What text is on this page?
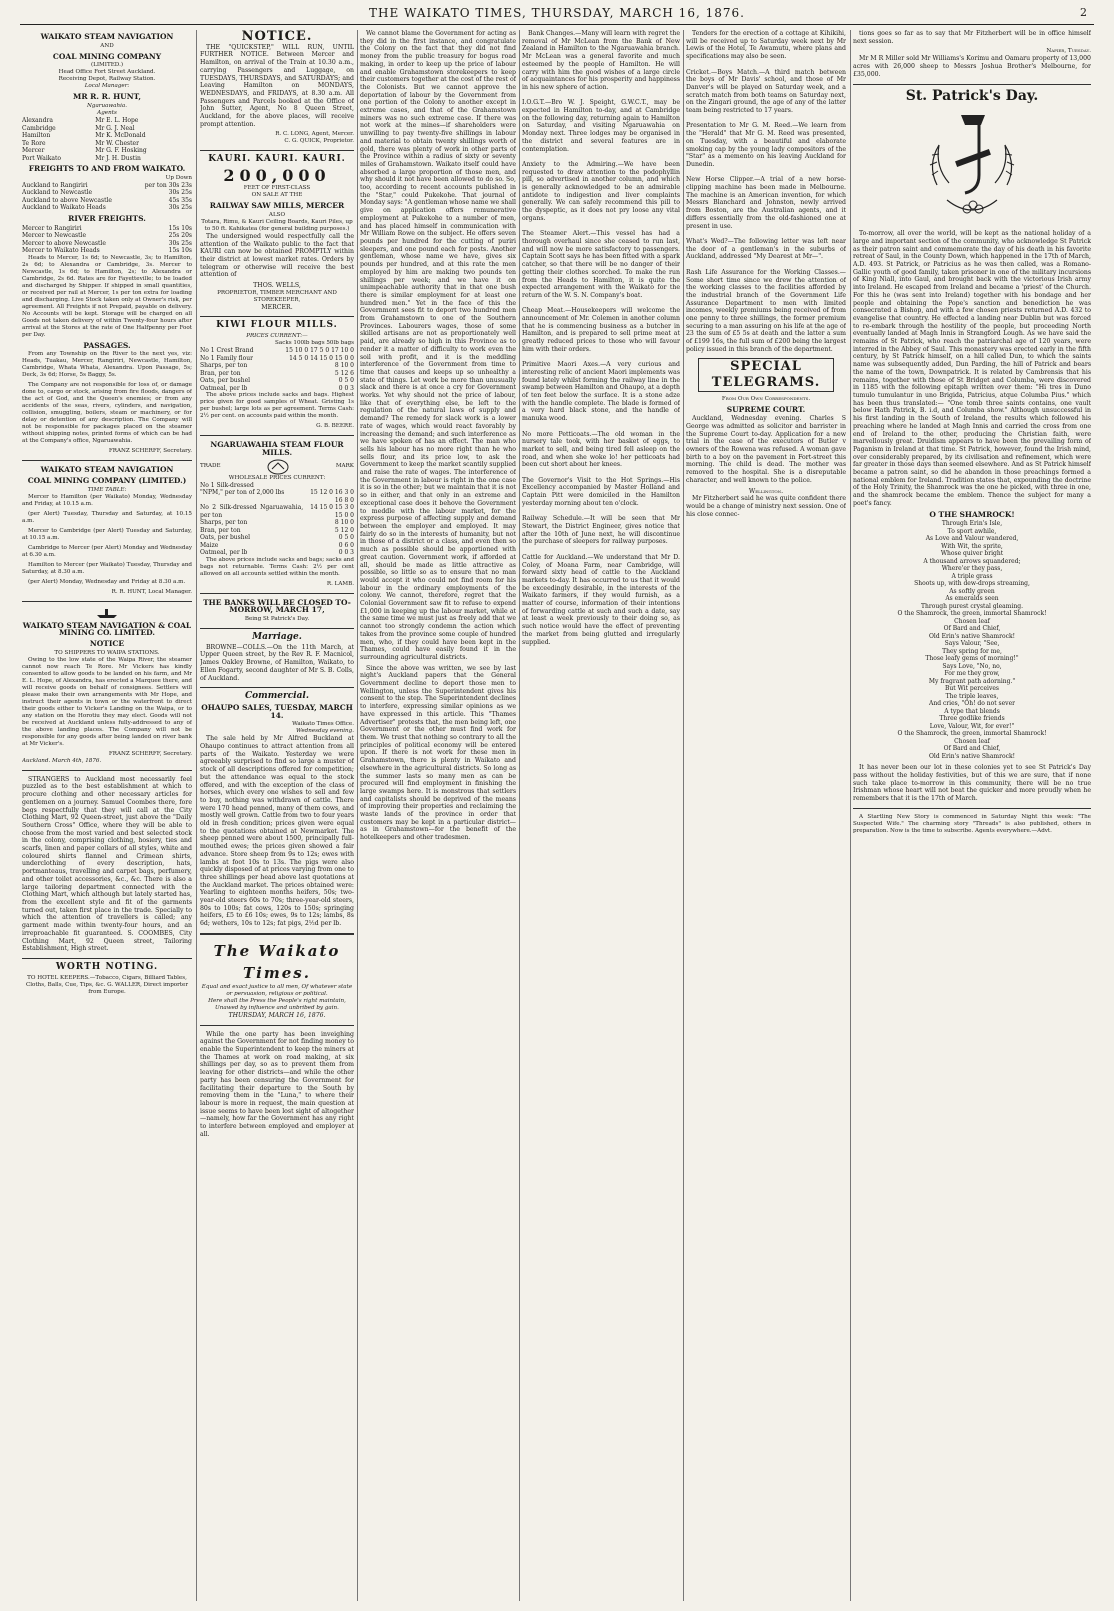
THE WAIKATO TIMES, THURSDAY, MARCH 16, 1876.	2
WAIKATO STEAM NAVIGATION
AND
COAL MINING COMPANY
(LIMITED.)
Head Office Fort Street Auckland.
Receiving Depot, Railway Station.
Local Manager:
MR R. R. HUNT,
Ngaruawahia.
Agents
Alexandra	Mr E. L. Hope
Cambridge	Mr G. J. Neal
Hamilton	Mr K. McDonald
Te Rore	Mr W. Chester
Mercer	Mr G. F. Hosking
Port Waikato	Mr J. H. Dustin
FREIGHTS TO AND FROM WAIKATO.
Up Down
Auckland to Rangiriri	per ton 30s 23s
Auckland to Newcastle	30s 25s
Auckland to above Newcastle	45s 35s
Auckland to Waikato Heads	30s 25s
RIVER FREIGHTS.
Mercer to Rangiriri	15s 10s
Mercer to Newcastle	25s 20s
Mercer to above Newcastle	30s 25s
Mercer to Waikato Heads	15s 10s

Heads to Mercer, 1s 6d; to Newcastle, 3s; to Hamilton, 2s 6d; to Alexandra or Cambridge, 3s. Mercer to Newcastle, 1s 6d; to Hamilton, 2s; to Alexandra or Cambridge, 2s 6d. Rates are for Fayetteville; to be loaded and discharged by Shipper. If shipped in small quantities, or received per rail at Mercer, 1s per ton extra for loading and discharging. Live Stock taken only at Owner's risk, per agreement. All Freights if not Prepaid, payable on delivery. No Accounts will be kept. Storage will be charged on all Goods not taken delivery of within Twenty-four hours after arrival at the Stores at the rate of One Halfpenny per Foot per Day.

PASSAGES.

From any Township on the River to the next yes, viz: Heads, Tuakau, Mercer, Rangiriri, Newcastle, Hamilton, Cambridge, Whata Whata, Alexandra. Upon Passage, 5s; Deck, 3s 6d; Horse, 5s Baggy, 5s.

The Company are not responsible for loss of, or damage done to, cargo or stock, arising from fire floods, dangers of the act of God, and the Queen's enemies; or from any accidents of the seas, rivers, cylinders, and navigation, collision, smuggling, boilers, steam or machinery, or for delay or detention of any description. The Company will not be responsible for packages placed on the steamer without shipping notes, printed forms of which can be had at the Company's office, Ngaruawahia.

FRANZ SCHERFF, Secretary.
WAIKATO STEAM NAVIGATION
COAL MINING COMPANY (LIMITED.)
TIME TABLE:

Mercer to Hamilton (per Waikato) Monday, Wednesday and Friday, at 10.15 a.m.

(per Alert) Tuesday, Thursday and Saturday, at 10.15 a.m.

Mercer to Cambridge (per Alert) Tuesday and Saturday, at 10.15 a.m.

Cambridge to Mercer (per Alert) Monday and Wednesday at 6.30 a.m.

Hamilton to Mercer (per Waikato) Tuesday, Thursday and Saturday, at 8.30 a.m.

(per Alert) Monday, Wednesday and Friday at 8.30 a.m.

R. R. HUNT, Local Manager.
WAIKATO STEAM NAVIGATION & COAL MINING CO. LIMITED.
NOTICE
TO SHIPPERS TO WAIPA STATIONS.

Owing to the low state of the Waipa River, the steamer cannot now reach Te Rore. Mr Vickers has kindly consented to allow goods to be landed on his farm, and Mr E. L. Hope, of Alexandra, has erected a Marquee there, and will receive goods on behalf of consignees. Settlers will please make their own arrangements with Mr Hope, and instruct their agents in town or the waterfront to direct their goods either to Vicker's Landing on the Waipa, or to any station on the Horotiu they may elect. Goods will not be received at Auckland unless fully-addressed to any of the above landing places. The Company will not be responsible for any goods after being landed on river bank at Mr Vicker's.

FRANZ SCHERFF, Secretary.
Auckland. March 4th, 1876.

STRANGERS to Auckland most necessarily feel puzzled as to the best establishment at which to procure clothing and other necessary articles for gentlemen on a journey. Samuel Coombes there, fore begs respectfully that they will call at the City Clothing Mart, 92 Queen-street, just above the "Daily Southern Cross" Office, where they will be able to choose from the most varied and best selected stock in the colony, comprising clothing, hosiery, ties and scarfs, linen and paper collars of all styles, white and coloured shirts flannel and Crimean shirts, underclothing of every description, hats, portmanteaus, travelling and carpet bags, perfumery, and other toilet accessories, &c., &c. There is also a large tailoring department connected with the Clothing Mart, which although but lately started has, from the excellent style and fit of the garments turned out, taken first place in the trade. Specially to which the attention of travellers is called; any garment made within twenty-four hours, and an irreproachable fit guaranteed. S. COOMBES, City Clothing Mart, 92 Queen street, Tailoring Establishment, High street.

WORTH NOTING.

TO HOTEL KEEPERS.—Tobacco, Cigars, Billiard Tables, Cloths, Balls, Cue, Tips, &c. G. WALLER, Direct importer from Europe.

NOTICE.

THE "QUICKSTEP," WILL RUN, UNTIL FURTHER NOTICE. Between Mercer and Hamilton, on arrival of the Train at 10.30 a.m., carrying Passengers and Luggage, on TUESDAYS, THURSDAYS, and SATURDAYS; and Leaving Hamilton on MONDAYS, WEDNESDAYS, and FRIDAYS, at 8.30 a.m. All Passengers and Parcels booked at the Office of John Sutter, Agent, No 8 Queen Street, Auckland, for the above places, will receive prompt attention.

R. C. LONG, Agent, Mercer.
C. G. QUICK, Proprietor.
KAURI. KAURI. KAURI.
200,000
FEET OF FIRST-CLASS
ON SALE AT THE
RAILWAY SAW MILLS, MERCER
ALSO
Totara, Rimu, & Kauri Ceiling Boards, Kauri Piles, up to 50 ft. Kahikatea (for general building purposes.)

The undersigned would respectfully call the attention of the Waikato public to the fact that KAURI can now be obtained PROMPTLY within their district at lowest market rates. Orders by telegram or otherwise will receive the best attention of

THOS. WELLS,
PROPRIETOR, TIMBER MERCHANT AND STOREKEEPER,
MERCER.
KIWI FLOUR MILLS.
PRICES CURRENT:—
Sacks 100lb bags 50lb bags
No 1 Crest Brand	15 10 0 17 5 0 17 10 0
No 1 Family flour	14 5 0 14 15 0 15 0 0
Sharps, per ton	8 10 0
Bran, per ton	5 12 6
Oats, per bushel	0 5 0
Oatmeal, per lb	0 0 3

The above prices include sacks and bags. Highest price given for good samples of Wheat. Gristing 1s per bushel; large lots as per agreement. Terms Cash: 2½ per cent. on accounts paid within the month.

G. B. BEERE.
NGARUAWAHIA STEAM FLOUR MILLS.
TRADE	MARK
WHOLESALE PRICES CURRENT:
No 1 Silk-dressed	
"NPM," per ton of 2,000 lbs	15 12 0 16 3 0 16 8 0
No 2 Silk-dressed Ngaruawahia, per ton	14 15 0 15 3 0 15 0 0
Sharps, per ton	8 10 0
Bran, per ton	5 12 0
Oats, per bushel	0 5 0
Maize	0 6 0
Oatmeal, per lb	0 0 3

The above prices include sacks and bags; sacks and bags not returnable. Terms Cash: 2½ per cent allowed on all accounts settled within the month.

R. LAMB.
THE BANKS WILL BE CLOSED TO-MORROW, MARCH 17,
Being St Patrick's Day.
Marriage.

BROWNE—COLLS.—On the 11th March, at Upper Queen street, by the Rev R. F. Macnicol, James Oakley Browne, of Hamilton, Waikato, to Ellen Fogarty, second daughter of Mr S. B. Colls, of Auckland.

Commercial.
OHAUPO SALES, TUESDAY, MARCH 14.
Waikato Times Office.
Wednesday evening.

The sale held by Mr Alfred Buckland at Ohaupo continues to attract attention from all parts of the Waikato. Yesterday we were agreeably surprised to find so large a muster of stock of all descriptions offered for competition; but the attendance was equal to the stock offered, and with the exception of the class of horses, which every one wishes to sell and few to buy, nothing was withdrawn of cattle. There were 170 head penned, many of them cows, and mostly well grown. Cattle from two to four years old in fresh condition; prices given were equal to the quotations obtained at Newmarket. The sheep penned were about 1500, principally full-mouthed ewes; the prices given showed a fair advance. Store sheep from 9s to 12s; ewes with lambs at foot 10s to 13s. The pigs were also quickly disposed of at prices varying from one to three shillings per head above last quotations at the Auckland market. The prices obtained were: Yearling to eighteen months heifers, 50s; two-year-old steers 60s to 70s; three-year-old steers, 80s to 100s; fat cows, 120s to 150s; springing heifers, £5 to £6 10s; ewes, 9s to 12s; lambs, 8s 6d; wethers, 10s to 12s; fat pigs, 2½d per lb.

The Waikato Times.
Equal and exact justice to all men, Of whatever state or persuasion, religious or political.
Here shall the Press the People's right maintain, Unawed by influence and unbribed by gain.
THURSDAY, MARCH 16, 1876.

While the one party has been inveighing against the Government for not finding money to enable the Superintendent to keep the miners at the Thames at work on road making, at six shillings per day, so as to prevent them from leaving for other districts—and while the other party has been censuring the Government for facilitating their departure to the South by removing them in the "Luna," to where their labour is more in request, the main question at issue seems to have been lost sight of altogether—namely, how far the Government has any right to interfere between employed and employer at all.

We cannot blame the Government for acting as they did in the first instance, and congratulate the Colony on the fact that they did not find money from the public treasury for bogus road making, in order to keep up the price of labour and enable Grahamstown storekeepers to keep their customers together at the cost of the rest of the Colonists. But we cannot approve the deportation of labour by the Government from one portion of the Colony to another except in extreme cases, and that of the Grahamstown miners was no such extreme case. If there was not work at the mines—if shareholders were unwilling to pay twenty-five shillings in labour and material to obtain twenty shillings worth of gold, there was plenty of work in other parts of the Province within a radius of sixty or seventy miles of Grahamstown. Waikato itself could have absorbed a large proportion of those men, and why should it not have been allowed to do so. So, too, according to recent accounts published in the "Star," could Pukekohe. That journal of Monday says: "A gentleman whose name we shall give on application offers remunerative employment at Pukekohe to a number of men, and has placed himself in communication with Mr William Rowe on the subject. He offers seven pounds per hundred for the cutting of puriri sleepers, and one pound each for posts. Another gentleman, whose name we have, gives six pounds per hundred, and at this rate the men employed by him are making two pounds ten shillings per week; and we have it on unimpeachable authority that in that one bush there is similar employment for at least one hundred men." Yet in the face of this the Government sees fit to deport two hundred men from Grahamstown to one of the Southern Provinces. Labourers wages, those of some skilled artisans are not as proportionately well paid, are already so high in this Province as to render it a matter of difficulty to work even the soil with profit, and it is the meddling interference of the Government from time to time that causes and keeps up so unhealthy a state of things. Let work be more than unusually slack and there is at once a cry for Government works. Yet why should not the price of labour, like that of everything else, be left to the regulation of the natural laws of supply and demand? The remedy for slack work is a lower rate of wages, which would react favorably by increasing the demand; and such interference as we have spoken of has an effect. The man who sells his labour has no more right than he who sells flour, and its price low, to ask the Government to keep the market scantily supplied and raise the rate of wages. The interference of the Government in labour is right in the one case it is so in the other; but we maintain that it is not so in either, and that only in an extreme and exceptional case does it behove the Government to meddle with the labour market, for the express purpose of affecting supply and demand between the employer and employed. It may fairly do so in the interests of humanity, but not in those of a district or a class, and even then so much as possible should be apportioned with great caution. Government work, if afforded at all, should be made as little attractive as possible, so little so as to ensure that no man would accept it who could not find room for his labour in the ordinary employments of the colony. We cannot, therefore, regret that the Colonial Government saw fit to refuse to expend £1,000 in keeping up the labour market, while at the same time we must just as freely add that we cannot too strongly condemn the action which takes from the province some couple of hundred men, who, if they could have been kept in the Thames, could have easily found it in the surrounding agricultural districts.

Since the above was written, we see by last night's Auckland papers that the General Government decline to deport those men to Wellington, unless the Superintendent gives his consent to the step. The Superintendent declines to interfere, expressing similar opinions as we have expressed in this article. This "Thames Advertiser" protests that, the men being left, one Government or the other must find work for them. We trust that nothing so contrary to all the principles of political economy will be entered upon. If there is not work for these men in Grahamstown, there is plenty in Waikato and elsewhere in the agricultural districts. So long as the summer lasts so many men as can be procured will find employment in finishing the large swamps here. It is monstrous that settlers and capitalists should be deprived of the means of improving their properties and reclaiming the waste lands of the province in order that customers may be kept in a particular district—as in Grahamstown—for the benefit of the hotelkeepers and other tradesmen.

Bank Changes.—Many will learn with regret the removal of Mr McLean from the Bank of New Zealand in Hamilton to the Ngaruawahia branch. Mr McLean was a general favorite and much esteemed by the people of Hamilton. He will carry with him the good wishes of a large circle of acquaintances for his prosperity and happiness in his new sphere of action.

I.O.G.T.—Bro W. J. Speight, G.W.C.T., may be expected in Hamilton to-day, and at Cambridge on the following day, returning again to Hamilton on Saturday, and visiting Ngaruawahia on Monday next. Three lodges may be organised in the district and several features are in contemplation.

Anxiety to the Admiring.—We have been requested to draw attention to the podophyllin pill, so advertised in another column, and which is generally acknowledged to be an admirable antidote to indigestion and liver complaints generally. We can safely recommend this pill to the dyspeptic, as it does not pry loose any vital organs.

The Steamer Alert.—This vessel has had a thorough overhaul since she ceased to run last, and will now be more satisfactory to passengers. Captain Scott says he has been fitted with a spark catcher, so that there will be no danger of their getting their clothes scorched. To make the run from the Heads to Hamilton, it is quite the expected arrangement with the Waikato for the return of the W. S. N. Company's boat.

Cheap Meat.—Housekeepers will welcome the announcement of Mr. Colemen in another column that he is commencing business as a butcher in Hamilton, and is prepared to sell prime meat at greatly reduced prices to those who will favour him with their orders.

Primitive Maori Axes.—A very curious and interesting relic of ancient Maori implements was found lately whilst forming the railway line in the swamp between Hamilton and Ohaupo, at a depth of ten feet below the surface. It is a stone adze with the handle complete. The blade is formed of a very hard black stone, and the handle of manuka wood.

No more Petticoats.—The old woman in the nursery tale took, with her basket of eggs, to market to sell, and being tired fell asleep on the road, and when she woke lo! her petticoats had been cut short about her knees.

The Governor's Visit to the Hot Springs.—His Excellency accompanied by Master Holland and Captain Pitt were domiciled in the Hamilton yesterday morning about ten o'clock.

Railway Schedule.—It will be seen that Mr Stewart, the District Engineer, gives notice that after the 10th of June next, he will discontinue the purchase of sleepers for railway purposes.

Cattle for Auckland.—We understand that Mr D. Coley, of Moana Farm, near Cambridge, will forward sixty head of cattle to the Auckland markets to-day. It has occurred to us that it would be exceedingly desirable, in the interests of the Waikato farmers, if they would furnish, as a matter of course, information of their intentions of forwarding cattle at such and such a date, say at least a week previously to their doing so, as such notice would have the effect of preventing the market from being glutted and irregularly supplied.

Tenders for the erection of a cottage at Kihikihi, will be received up to Saturday week next by Mr Lewis of the Hotel, Te Awamutu, where plans and specifications may also be seen.

Cricket.—Boys Match.—A third match between the boys of Mr Davis' school, and those of Mr Danver's will be played on Saturday week, and a scratch match from both teams on Saturday next, on the Zingari ground, the age of any of the latter team being restricted to 17 years.

Presentation to Mr G. M. Reed.—We learn from the "Herald" that Mr G. M. Reed was presented, on Tuesday, with a beautiful and elaborate smoking cap by the young lady compositors of the "Star" as a memento on his leaving Auckland for Dunedin.

New Horse Clipper.—A trial of a new horse-clipping machine has been made in Melbourne. The machine is an American invention, for which Messrs Blanchard and Johnston, newly arrived from Boston, are the Australian agents, and it differs essentially from the old-fashioned one at present in use.

What's Wed?—The following letter was left near the door of a gentleman's in the suburbs of Auckland, addressed "My Dearest at Mr—".

Rash Life Assurance for the Working Classes.—Some short time since we drew the attention of the working classes to the facilities afforded by the industrial branch of the Government Life Assurance Department to men with limited incomes, weekly premiums being received of from one penny to three shillings, the former premium securing to a man assuring on his life at the age of 23 the sum of £5 5s at death and the latter a sum of £199 16s, the full sum of £200 being the largest policy issued in this branch of the department.

SPECIAL TELEGRAMS.
From Our Own Correspondents.
SUPREME COURT.

Auckland, Wednesday evening. Charles S George was admitted as solicitor and barrister in the Supreme Court to-day. Application for a new trial in the case of the executors of Butler v owners of the Rowena was refused. A woman gave birth to a boy on the pavement in Fort-street this morning. The child is dead. The mother was removed to the hospital. She is a disreputable character, and well known to the police.

Wellington.

Mr Fitzherbert said he was quite confident there would be a change of ministry next session. One of his close connec-

tions goes so far as to say that Mr Fitzherbert will be in office himself next session.

Napier, Tuesday.

Mr M R Miller sold Mr Williams's Korimu and Oamaru property of 13,000 acres with 26,000 sheep to Messrs Joshua Brother's Melbourne, for £35,000.

St. Patrick's Day.

To-morrow, all over the world, will be kept as the national holiday of a large and important section of the community, who acknowledge St Patrick as their patron saint and commemorate the day of his death in his favorite retreat of Saul, in the County Down, which happened in the 17th of March, A.D. 493. St Patrick, or Patricius as he was then called, was a Romano-Gallic youth of good family, taken prisoner in one of the military incursions of King Niall, into Gaul, and brought back with the victorious Irish army into Ireland. He escaped from Ireland and became a 'priest' of the Church. For this he (was sent into Ireland) together with his bondage and her people and obtaining the Pope's sanction and benediction he was consecrated a Bishop, and with a few chosen priests returned A.D. 432 to evangelise that country. He effected a landing near Dublin but was forced to re-embark through the hostility of the people, but proceeding North eventually landed at Magh Innis in Strangford Lough. As we have said the remains of St Patrick, who reach the patriarchal age of 120 years, were interred in the Abbey of Saul. This monastery was erected early in the fifth century, by St Patrick himself, on a hill called Dun, to which the saints name was subsequently added, Dun Parding, the hill of Patrick and bears the name of the town, Downpatrick. It is related by Cambrensis that his remains, together with those of St Bridget and Columba, were discovered in 1185 with the following epitaph written over them: "Hi tres in Duno tumulo tumulantur in uno Brigida, Patricius, atque Columba Pius." which has been thus translated:— "One tomb three saints contains, one vault below Hath Patrick, B. i.d, and Columba show." Although unsuccessful in his first landing in the South of Ireland, the results which followed his preaching where he landed at Magh Innis and carried the cross from one end of Ireland to the other, producing the Christian faith, were marvellously great. Druidism appears to have been the prevailing form of Paganism in Ireland at that time. St Patrick, however, found the Irish mind, over considerably prepared, by its civilisation and refinement, which were far greater in those days than seemed elsewhere. And as St Patrick himself became a patron saint, so did he abandon in those preachings formed a national emblem for Ireland. Tradition states that, expounding the doctrine of the Holy Trinity, the Shamrock was the one he picked, with three in one, and the shamrock became the emblem. Thence the subject for many a poet's fancy.

O THE SHAMROCK!
Through Erin's Isle,
To sport awhile,
As Love and Valour wandered,
With Wit, the sprite,
Whose quiver bright
A thousand arrows squandered;
Where'er they pass,
A triple grass
Shoots up, with dew-drops streaming,
As softly green
As emeralds seen
Through purest crystal gleaming.
O the Shamrock, the green, immortal Shamrock!
Chosen leaf
Of Bard and Chief,
Old Erin's native Shamrock!
Says Valour, "See,
They spring for me,
Those leafy gems of morning!"
Says Love, "No, no,
For me they grow,
My fragrant path adorning."
But Wit perceives
The triple leaves,
And cries, "Oh! do not sever
A type that blends
Three godlike friends
Love, Valour, Wit, for ever!"
O the Shamrock, the green, immortal Shamrock!
Chosen leaf
Of Bard and Chief,
Old Erin's native Shamrock!

It has never been our lot in these colonies yet to see St Patrick's Day pass without the holiday festivities, but of this we are sure, that if none such take place to-morrow in this community, there will be no true Irishman whose heart will not beat the quicker and more proudly when he remembers that it is the 17th of March.

A Startling New Story is commenced in Saturday Night this week: "The Suspected Wife." The charming story "Threads" is also published, others in preparation. Now is the time to subscribe. Agents everywhere.—Advt.
